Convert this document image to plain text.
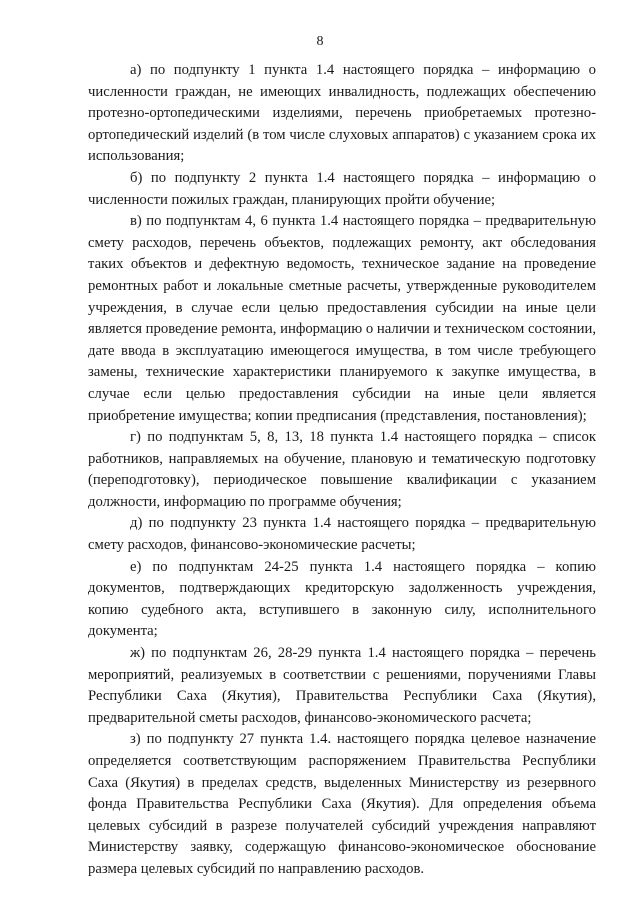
8

а) по подпункту 1 пункта 1.4 настоящего порядка – информацию о численности граждан, не имеющих инвалидность, подлежащих обеспечению протезно-ортопедическими изделиями, перечень приобретаемых протезно-ортопедический изделий (в том числе слуховых аппаратов) с указанием срока их использования;

б) по подпункту 2 пункта 1.4 настоящего порядка – информацию о численности пожилых граждан, планирующих пройти обучение;

в) по подпунктам 4, 6 пункта 1.4 настоящего порядка – предварительную смету расходов, перечень объектов, подлежащих ремонту, акт обследования таких объектов и дефектную ведомость, техническое задание на проведение ремонтных работ и локальные сметные расчеты, утвержденные руководителем учреждения, в случае если целью предоставления субсидии на иные цели является проведение ремонта, информацию о наличии и техническом состоянии, дате ввода в эксплуатацию имеющегося имущества, в том числе требующего замены, технические характеристики планируемого к закупке имущества, в случае если целью предоставления субсидии на иные цели является приобретение имущества; копии предписания (представления, постановления);

г) по подпунктам 5, 8, 13, 18 пункта 1.4 настоящего порядка – список работников, направляемых на обучение, плановую и тематическую подготовку (переподготовку), периодическое повышение квалификации с указанием должности, информацию по программе обучения;

д) по подпункту 23 пункта 1.4 настоящего порядка – предварительную смету расходов, финансово-экономические расчеты;

е) по подпунктам 24-25 пункта 1.4 настоящего порядка – копию документов, подтверждающих кредиторскую задолженность учреждения, копию судебного акта, вступившего в законную силу, исполнительного документа;

ж) по подпунктам 26, 28-29 пункта 1.4 настоящего порядка – перечень мероприятий, реализуемых в соответствии с решениями, поручениями Главы Республики Саха (Якутия), Правительства Республики Саха (Якутия), предварительной сметы расходов, финансово-экономического расчета;

з) по подпункту 27 пункта 1.4. настоящего порядка целевое назначение определяется соответствующим распоряжением Правительства Республики Саха (Якутия) в пределах средств, выделенных Министерству из резервного фонда Правительства Республики Саха (Якутия). Для определения объема целевых субсидий в разрезе получателей субсидий учреждения направляют Министерству заявку, содержащую финансово-экономическое обоснование размера целевых субсидий по направлению расходов.
